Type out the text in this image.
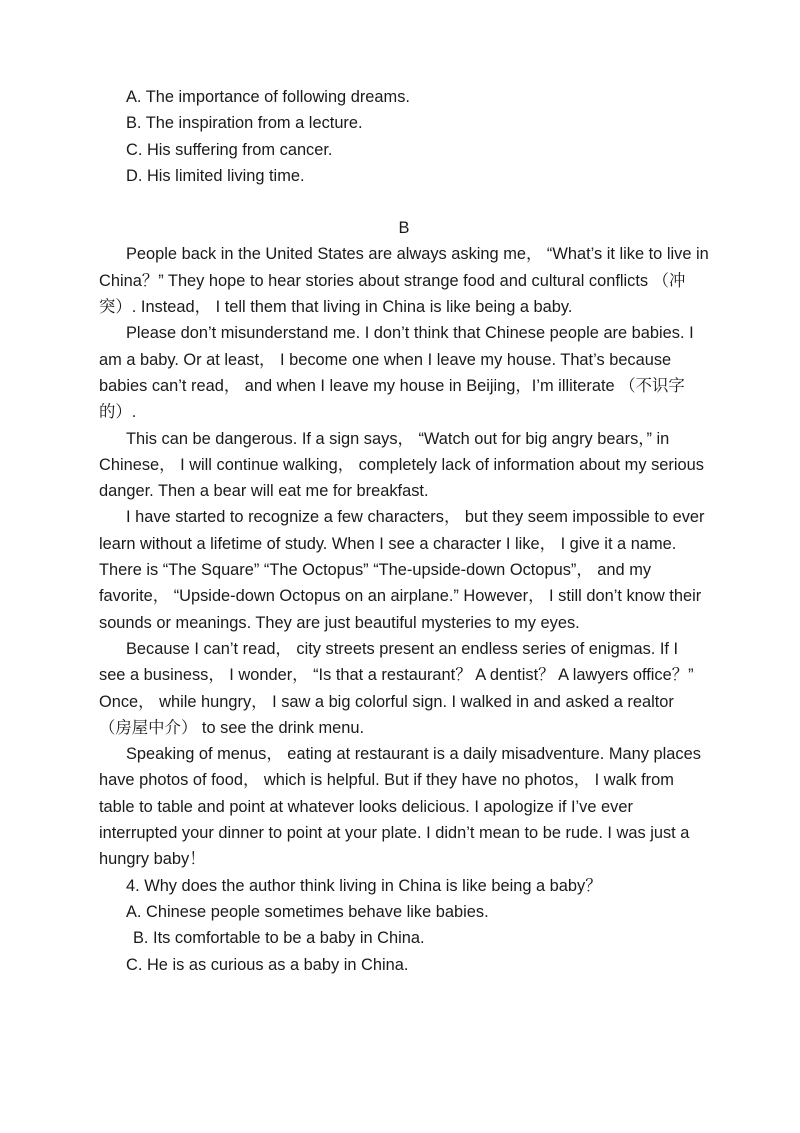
A. The importance of following dreams.

B. The inspiration from a lecture.

C. His suffering from cancer.

D. His limited living time.

B

People back in the United States are always asking me， “What’s it like to live in China？” They hope to hear stories about strange food and cultural conflicts （冲突）. Instead， I tell them that living in China is like being a baby.

Please don’t misunderstand me. I don’t think that Chinese people are babies. I am a baby. Or at least， I become one when I leave my house. That’s because babies can’t read， and when I leave my house in Beijing，I’m illiterate （不识字的）.

This can be dangerous. If a sign says， “Watch out for big angry bears，” in Chinese， I will continue walking， completely lack of information about my serious danger. Then a bear will eat me for breakfast.

I have started to recognize a few characters， but they seem impossible to ever learn without a lifetime of study. When I see a character I like， I give it a name. There is “The Square” “The Octopus” “The-upside-down Octopus”， and my favorite， “Upside-down Octopus on an airplane.” However， I still don’t know their sounds or meanings. They are just beautiful mysteries to my eyes.

Because I can’t read， city streets present an endless series of enigmas. If I see a business， I wonder， “Is that a restaurant？ A dentist？ A lawyers office？” Once， while hungry， I saw a big colorful sign. I walked in and asked a realtor （房屋中介） to see the drink menu.

Speaking of menus， eating at restaurant is a daily misadventure. Many places have photos of food， which is helpful. But if they have no photos， I walk from table to table and point at whatever looks delicious. I apologize if I’ve ever interrupted your dinner to point at your plate. I didn’t mean to be rude. I was just a hungry baby！

4. Why does the author think living in China is like being a baby？

A. Chinese people sometimes behave like babies.

B. Its comfortable to be a baby in China.

C. He is as curious as a baby in China.
